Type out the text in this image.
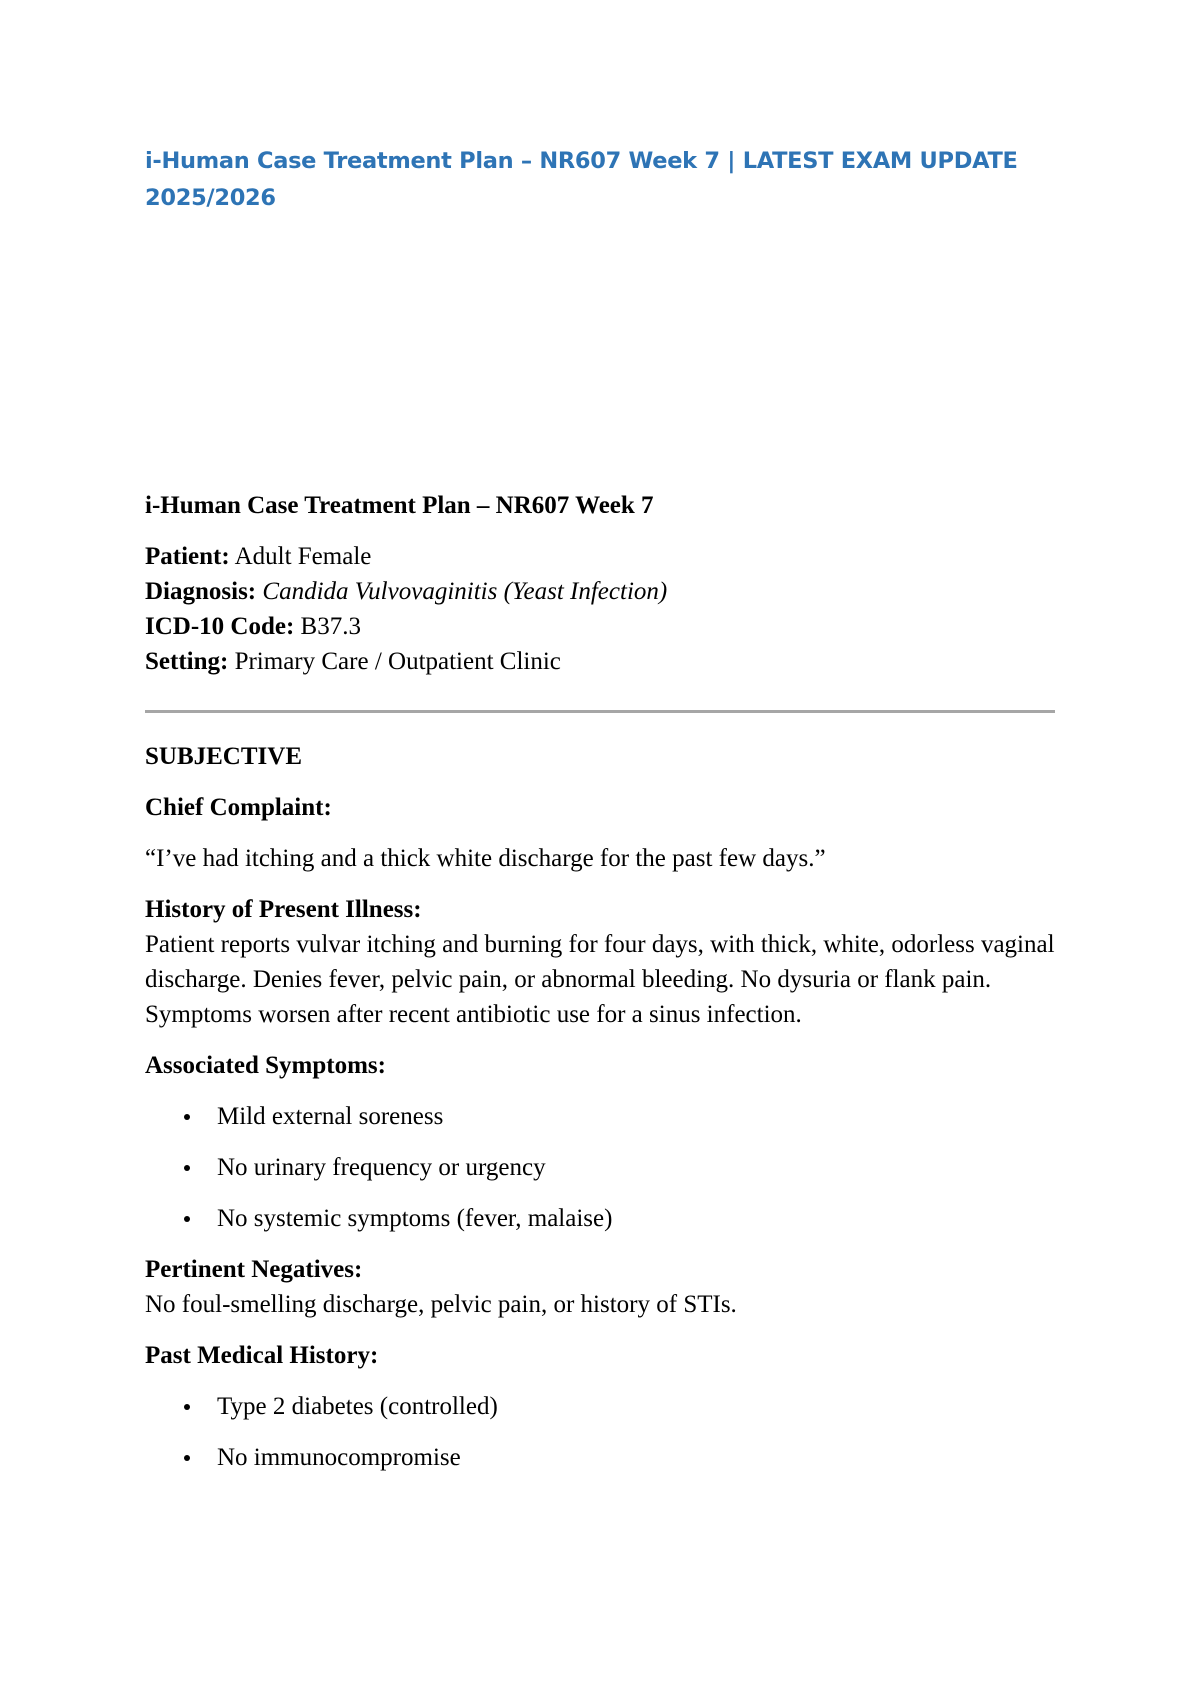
i-Human Case Treatment Plan – NR607 Week 7 | LATEST EXAM UPDATE 2025/2026

i-Human Case Treatment Plan – NR607 Week 7

Patient: Adult Female

Diagnosis: Candida Vulvovaginitis (Yeast Infection)

ICD-10 Code: B37.3

Setting: Primary Care / Outpatient Clinic

SUBJECTIVE

Chief Complaint:

“I’ve had itching and a thick white discharge for the past few days.”

History of Present Illness:

Patient reports vulvar itching and burning for four days, with thick, white, odorless vaginal discharge. Denies fever, pelvic pain, or abnormal bleeding. No dysuria or flank pain. Symptoms worsen after recent antibiotic use for a sinus infection.

Associated Symptoms:

Mild external soreness
No urinary frequency or urgency
No systemic symptoms (fever, malaise)

Pertinent Negatives:

No foul-smelling discharge, pelvic pain, or history of STIs.

Past Medical History:

Type 2 diabetes (controlled)
No immunocompromise
